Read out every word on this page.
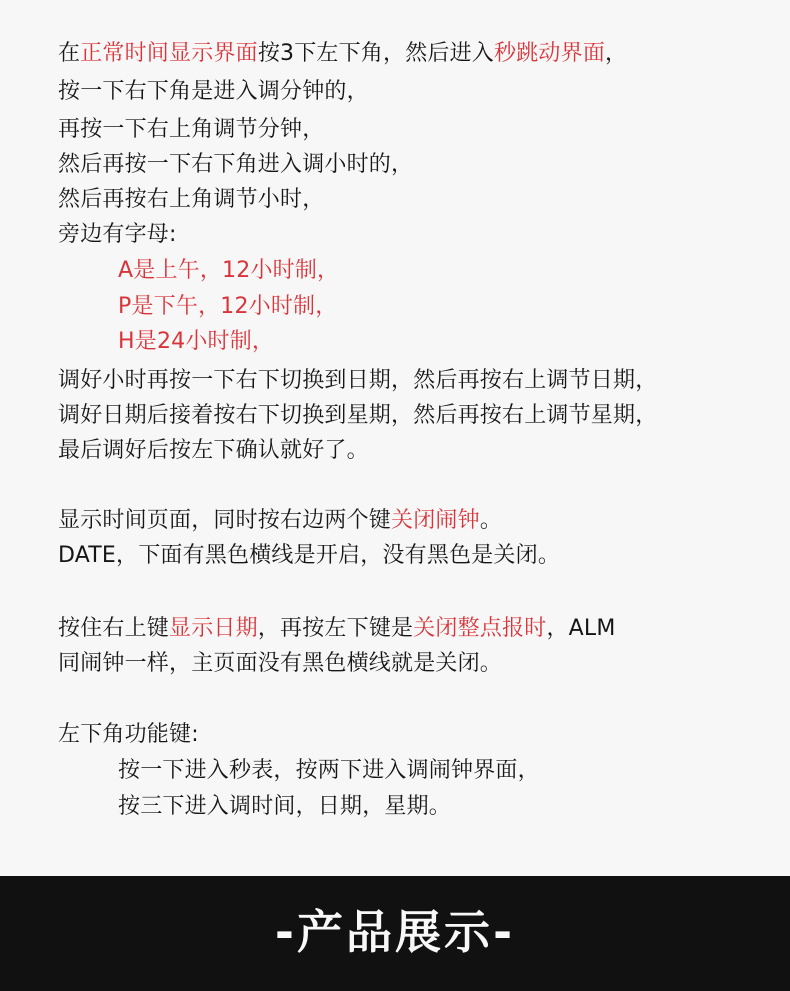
在正常时间显示界面按3下左下角，然后进入秒跳动界面，
按一下右下角是进入调分钟的，
再按一下右上角调节分钟，
然后再按一下右下角进入调小时的，
然后再按右上角调节小时，
旁边有字母:
A是上午，12小时制，
P是下午，12小时制，
H是24小时制，
调好小时再按一下右下切换到日期，然后再按右上调节日期，
调好日期后接着按右下切换到星期，然后再按右上调节星期，
最后调好后按左下确认就好了。
显示时间页面，同时按右边两个键关闭闹钟。
DATE，下面有黑色横线是开启，没有黑色是关闭。
按住右上键显示日期，再按左下键是关闭整点报时，ALM
同闹钟一样，主页面没有黑色横线就是关闭。
左下角功能键:
按一下进入秒表，按两下进入调闹钟界面，
按三下进入调时间，日期，星期。
-产品展示-
